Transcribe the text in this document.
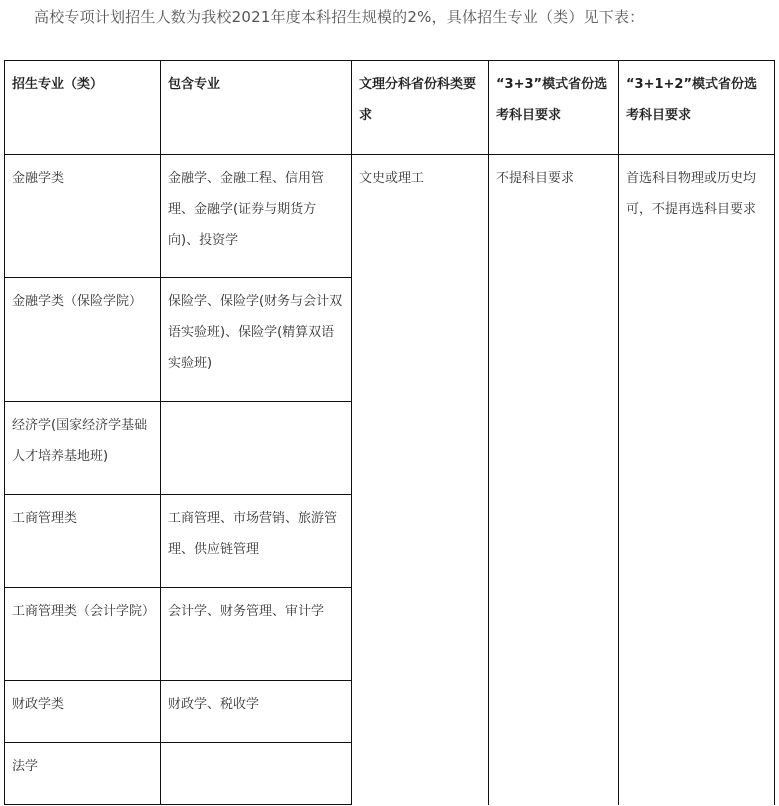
高校专项计划招生人数为我校2021年度本科招生规模的2%，具体招生专业（类）见下表：
招生专业（类）	包含专业	文理分科省份科类要求	“3+3”模式省份选考科目要求	“3+1+2”模式省份选考科目要求
金融学类	金融学、金融工程、信用管理、金融学(证券与期货方向)、投资学	文史或理工	不提科目要求	首选科目物理或历史均可，不提再选科目要求
金融学类（保险学院）	保险学、保险学(财务与会计双语实验班)、保险学(精算双语实验班)			
经济学(国家经济学基础人才培养基地班)				
工商管理类	工商管理、市场营销、旅游管理、供应链管理			
工商管理类（会计学院）	会计学、财务管理、审计学			
财政学类	财政学、税收学			
法学				
